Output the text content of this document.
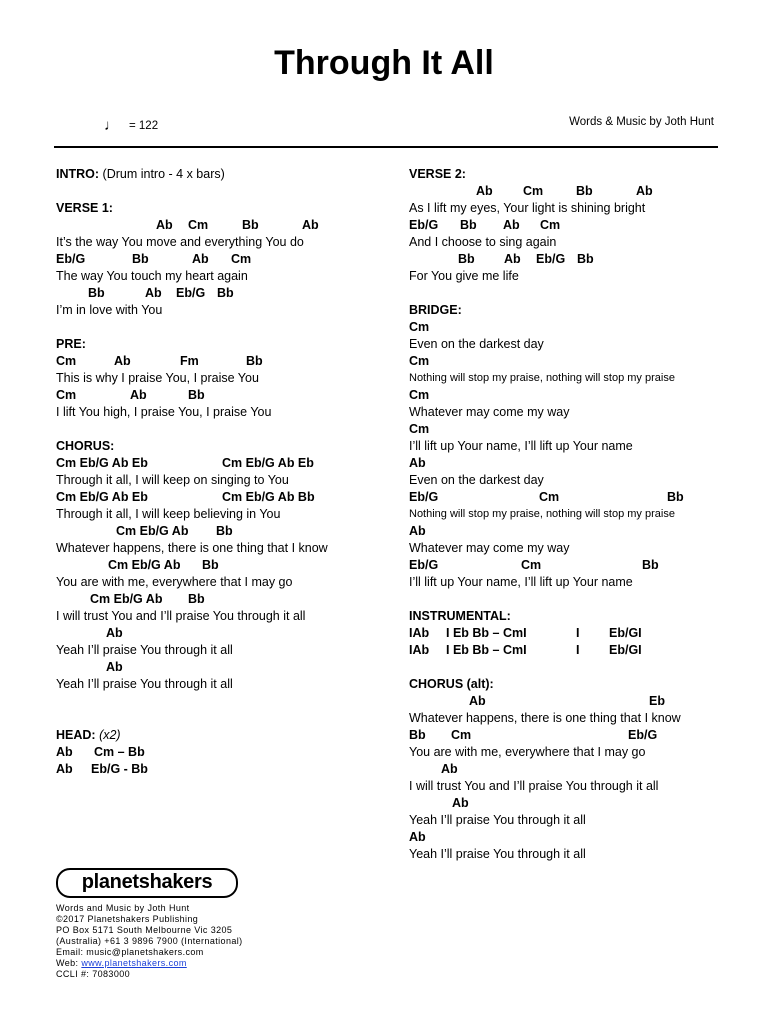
Through It All
♩ = 122	Words & Music by Joth Hunt
INTRO: (Drum intro - 4 x bars)
VERSE 1:
Ab Cm	Bb	Ab
It’s the way You move and everything You do
Eb/G	Bb	Ab Cm
The way You touch my heart again
Bb	Ab Eb/G Bb
I’m in love with You
PRE:
Cm	Ab	Fm	Bb
This is why I praise You, I praise You
Cm	Ab	Bb
I lift You high, I praise You, I praise You
CHORUS:
Cm Eb/G Ab Eb	Cm Eb/G Ab Eb
Through it all, I will keep on singing to You
Cm Eb/G Ab Eb	Cm Eb/G Ab Bb
Through it all, I will keep believing in You
Cm Eb/G Ab Bb
Whatever happens, there is one thing that I know
Cm Eb/G Ab Bb
You are with me, everywhere that I may go
Cm Eb/G Ab Bb
I will trust You and I’ll praise You through it all
Ab
Yeah I’ll praise You through it all
Ab
Yeah I’ll praise You through it all
HEAD: (x2)
Ab Cm – Bb
Ab Eb/G - Bb
VERSE 2:
Ab Cm	Bb	Ab
As I lift my eyes, Your light is shining bright
Eb/G Bb Ab Cm
And I choose to sing again
Bb Ab Eb/G Bb
For You give me life
BRIDGE:
Cm
Even on the darkest day
Cm
Nothing will stop my praise, nothing will stop my praise
Cm
Whatever may come my way
Cm
I’ll lift up Your name, I’ll lift up Your name
Ab
Even on the darkest day
Eb/G	Cm	Bb
Nothing will stop my praise, nothing will stop my praise
Ab
Whatever may come my way
Eb/G	Cm	Bb
I’ll lift up Your name, I’ll lift up Your name
INSTRUMENTAL:
IAb I Eb Bb – CmI	I Eb/GI
IAb I Eb Bb – CmI	I Eb/GI
CHORUS (alt):
Ab	Eb
Whatever happens, there is one thing that I know
Bb Cm	Eb/G
You are with me, everywhere that I may go
Ab
I will trust You and I’ll praise You through it all
Ab
Yeah I’ll praise You through it all
Ab
Yeah I’ll praise You through it all
planetshakers
Words and Music by Joth Hunt
©2017 Planetshakers Publishing
PO Box 5171 South Melbourne Vic 3205
(Australia) +61 3 9896 7900 (International)
Email: music@planetshakers.com
Web: www.planetshakers.com
CCLI #: 7083000
